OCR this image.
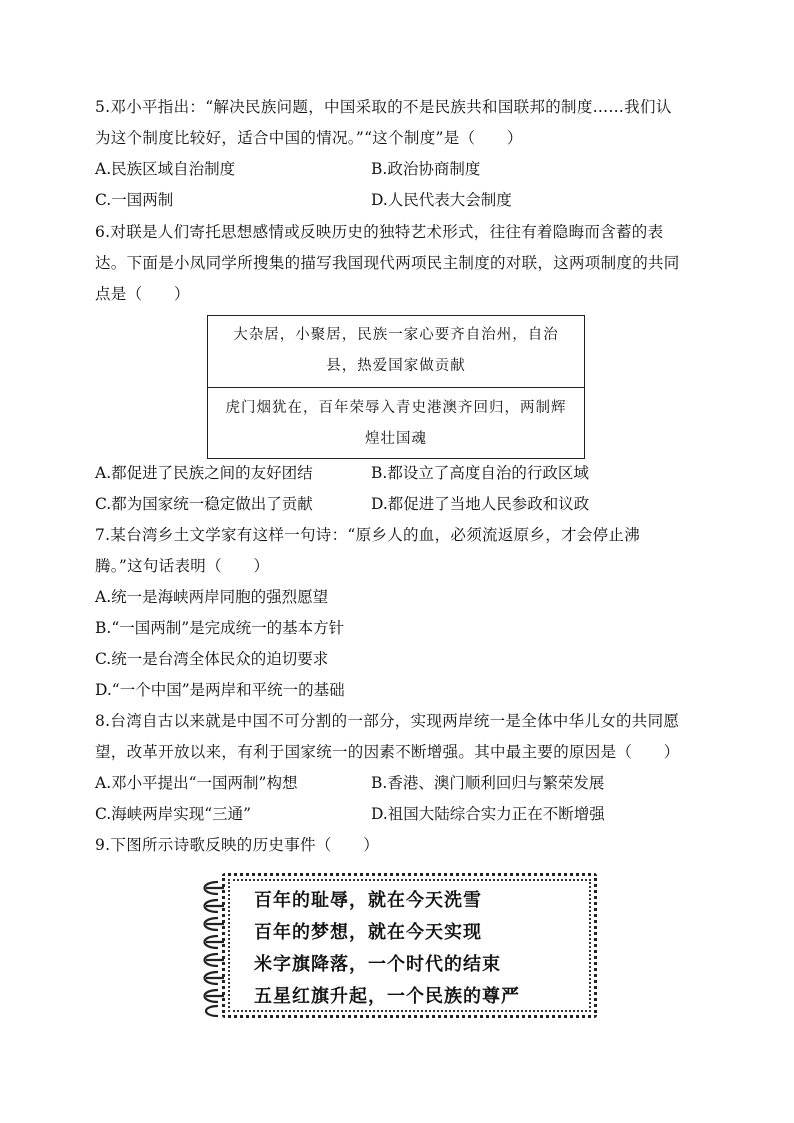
5.邓小平指出：“解决民族问题，中国采取的不是民族共和国联邦的制度……我们认
为这个制度比较好，适合中国的情况。”“这个制度”是（　　）
A.民族区域自治制度	B.政治协商制度
C.一国两制	D.人民代表大会制度
6.对联是人们寄托思想感情或反映历史的独特艺术形式，往往有着隐晦而含蓄的表
达。下面是小凤同学所搜集的描写我国现代两项民主制度的对联，这两项制度的共同
点是（　　）
大杂居，小聚居，民族一家心要齐自治州，自治
县，热爱国家做贡献
虎门烟犹在，百年荣辱入青史港澳齐回归，两制辉
煌壮国魂
A.都促进了民族之间的友好团结	B.都设立了高度自治的行政区域
C.都为国家统一稳定做出了贡献	D.都促进了当地人民参政和议政
7.某台湾乡土文学家有这样一句诗：“原乡人的血，必须流返原乡，才会停止沸
腾。”这句话表明（　　）
A.统一是海峡两岸同胞的强烈愿望
B.“一国两制”是完成统一的基本方针
C.统一是台湾全体民众的迫切要求
D.“一个中国”是两岸和平统一的基础
8.台湾自古以来就是中国不可分割的一部分，实现两岸统一是全体中华儿女的共同愿
望，改革开放以来，有利于国家统一的因素不断增强。其中最主要的原因是（　　）
A.邓小平提出“一国两制”构想	B.香港、澳门顺利回归与繁荣发展
C.海峡两岸实现“三通”	D.祖国大陆综合实力正在不断增强
9.下图所示诗歌反映的历史事件（　　）
百年的耻辱，就在今天洗雪
百年的梦想，就在今天实现
米字旗降落，一个时代的结束
五星红旗升起，一个民族的尊严
